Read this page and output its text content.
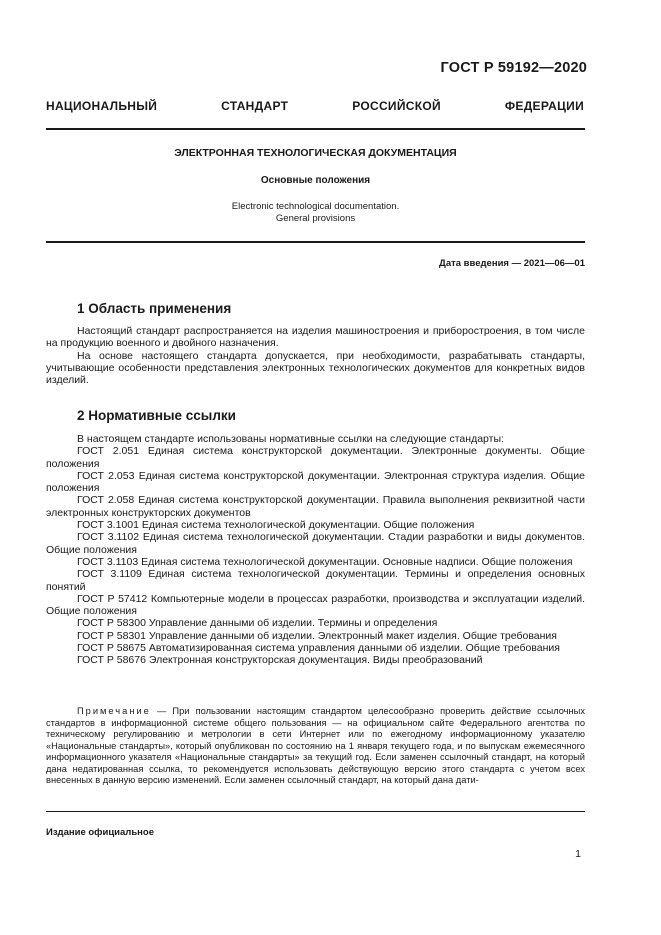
ГОСТ Р 59192—2020
НАЦИОНАЛЬНЫЙ СТАНДАРТ РОССИЙСКОЙ ФЕДЕРАЦИИ
ЭЛЕКТРОННАЯ ТЕХНОЛОГИЧЕСКАЯ ДОКУМЕНТАЦИЯ
Основные положения
Electronic technological documentation.
General provisions
Дата введения — 2021—06—01
1 Область применения

Настоящий стандарт распространяется на изделия машиностроения и приборостроения, в том числе на продукцию военного и двойного назначения.

На основе настоящего стандарта допускается, при необходимости, разрабатывать стандарты, учитывающие особенности представления электронных технологических документов для конкретных видов изделий.

2 Нормативные ссылки

В настоящем стандарте использованы нормативные ссылки на следующие стандарты:

ГОСТ 2.051 Единая система конструкторской документации. Электронные документы. Общие положения

ГОСТ 2.053 Единая система конструкторской документации. Электронная структура изделия. Общие положения

ГОСТ 2.058 Единая система конструкторской документации. Правила выполнения реквизитной части электронных конструкторских документов

ГОСТ 3.1001 Единая система технологической документации. Общие положения

ГОСТ 3.1102 Единая система технологической документации. Стадии разработки и виды документов. Общие положения

ГОСТ 3.1103 Единая система технологической документации. Основные надписи. Общие положения

ГОСТ 3.1109 Единая система технологической документации. Термины и определения основных понятий

ГОСТ Р 57412 Компьютерные модели в процессах разработки, производства и эксплуатации изделий. Общие положения

ГОСТ Р 58300 Управление данными об изделии. Термины и определения

ГОСТ Р 58301 Управление данными об изделии. Электронный макет изделия. Общие требования

ГОСТ Р 58675 Автоматизированная система управления данными об изделии. Общие требования

ГОСТ Р 58676 Электронная конструкторская документация. Виды преобразований

Примечание — При пользовании настоящим стандартом целесообразно проверить действие ссылочных стандартов в информационной системе общего пользования — на официальном сайте Федерального агентства по техническому регулированию и метрологии в сети Интернет или по ежегодному информационному указателю «Национальные стандарты», который опубликован по состоянию на 1 января текущего года, и по выпускам ежемесячного информационного указателя «Национальные стандарты» за текущий год. Если заменен ссылочный стандарт, на который дана недатированная ссылка, то рекомендуется использовать действующую версию этого стандарта с учетом всех внесенных в данную версию изменений. Если заменен ссылочный стандарт, на который дана дати-

Издание официальное
1
